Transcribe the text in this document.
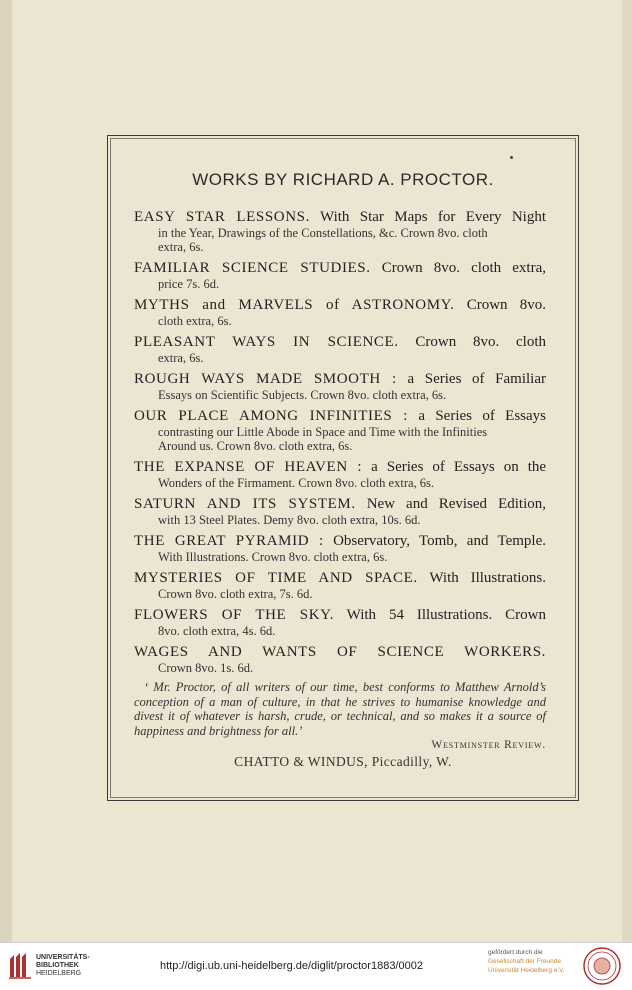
WORKS BY RICHARD A. PROCTOR.
EASY STAR LESSONS. With Star Maps for Every Night
in the Year, Drawings of the Constellations, &c. Crown 8vo. cloth
extra, 6s.
FAMILIAR SCIENCE STUDIES. Crown 8vo. cloth extra,
price 7s. 6d.
MYTHS and MARVELS of ASTRONOMY. Crown 8vo.
cloth extra, 6s.
PLEASANT WAYS IN SCIENCE. Crown 8vo. cloth
extra, 6s.
ROUGH WAYS MADE SMOOTH : a Series of Familiar
Essays on Scientific Subjects. Crown 8vo. cloth extra, 6s.
OUR PLACE AMONG INFINITIES : a Series of Essays
contrasting our Little Abode in Space and Time with the Infinities
Around us. Crown 8vo. cloth extra, 6s.
THE EXPANSE OF HEAVEN : a Series of Essays on the
Wonders of the Firmament. Crown 8vo. cloth extra, 6s.
SATURN AND ITS SYSTEM. New and Revised Edition,
with 13 Steel Plates. Demy 8vo. cloth extra, 10s. 6d.
THE GREAT PYRAMID : Observatory, Tomb, and Temple.
With Illustrations. Crown 8vo. cloth extra, 6s.
MYSTERIES OF TIME AND SPACE. With Illustrations.
Crown 8vo. cloth extra, 7s. 6d.
FLOWERS OF THE SKY. With 54 Illustrations. Crown
8vo. cloth extra, 4s. 6d.
WAGES AND WANTS OF SCIENCE WORKERS.
Crown 8vo. 1s. 6d.
‘ Mr. Proctor, of all writers of our time, best conforms to Matthew Arnold’s conception of a man of culture, in that he strives to humanise knowledge and divest it of whatever is harsh, crude, or technical, and so makes it a source of happiness and brightness for all.’
Westminster Review.
CHATTO & WINDUS, Piccadilly, W.
UNIVERSITÄTS-
BIBLIOTHEK
HEIDELBERG
http://digi.ub.uni-heidelberg.de/diglit/proctor1883/0002
gefördert durch die
Gesellschaft der Freunde
Universität Heidelberg e.V.
